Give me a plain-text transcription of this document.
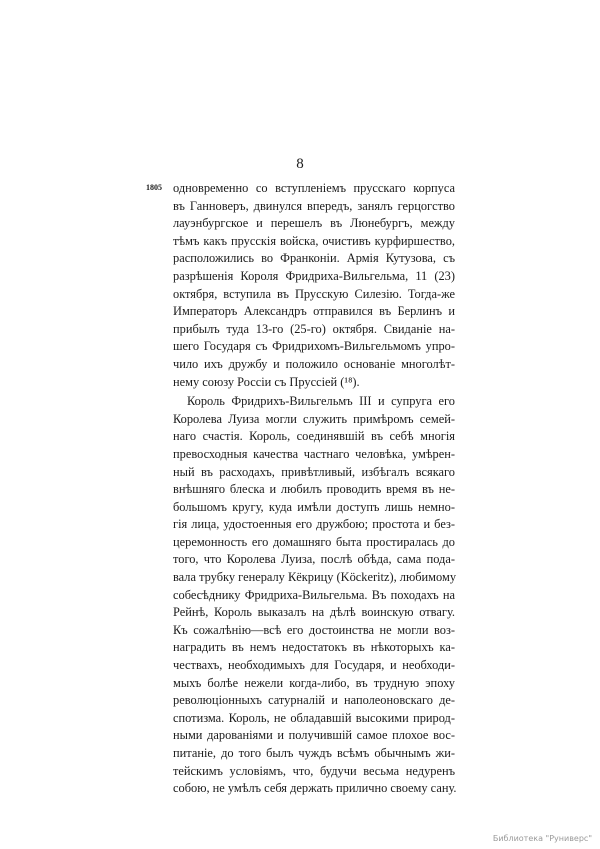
8
1805 одновременно со вступленіемъ прусскаго корпуса
въ Ганноверъ, двинулся впередъ, занялъ герцогство
лауэнбургское и перешелъ въ Люнебургъ, между
тѣмъ какъ прусскія войска, очистивъ курфиршество,
расположились во Франконіи. Армія Кутузова, съ
разрѣшенія Короля Фридриха-Вильгельма, 11 (23)
октября, вступила въ Прусскую Силезію. Тогда-же
Императоръ Александръ отправился въ Берлинъ и
прибылъ туда 13-го (25-го) октября. Свиданіе на-
шего Государя съ Фридрихомъ-Вильгельмомъ упро-
чило ихъ дружбу и положило основаніе многолѣт-
нему союзу Россіи съ Пруссіей (¹⁸).
Король Фридрихъ-Вильгельмъ III и супруга его
Королева Луиза могли служить примѣромъ семей-
наго счастія. Король, соединявшій въ себѣ многія
превосходныя качества частнаго человѣка, умѣрен-
ный въ расходахъ, привѣтливый, избѣгалъ всякаго
внѣшняго блеска и любилъ проводить время въ не-
большомъ кругу, куда имѣли доступъ лишь немно-
гія лица, удостоенныя его дружбою; простота и без-
церемонность его домашняго быта простиралась до
того, что Королева Луиза, послѣ обѣда, сама пода-
вала трубку генералу Кёкрицу (Köckeritz), любимому
собесѣднику Фридриха-Вильгельма. Въ походахъ на
Рейнѣ, Король выказалъ на дѣлѣ воинскую отвагу.
Къ сожалѣнію—всѣ его достоинства не могли воз-
наградить въ немъ недостатокъ въ нѣкоторыхъ ка-
чествахъ, необходимыхъ для Государя, и необходи-
мыхъ болѣе нежели когда-либо, въ трудную эпоху
революціонныхъ сатурналій и наполеоновскаго де-
спотизма. Король, не обладавшій высокими природ-
ными дарованіями и получившій самое плохое вос-
питаніе, до того былъ чуждъ всѣмъ обычнымъ жи-
тейскимъ условіямъ, что, будучи весьма недуренъ
собою, не умѣлъ себя держать прилично своему сану.
Библиотека "Руниверс"
